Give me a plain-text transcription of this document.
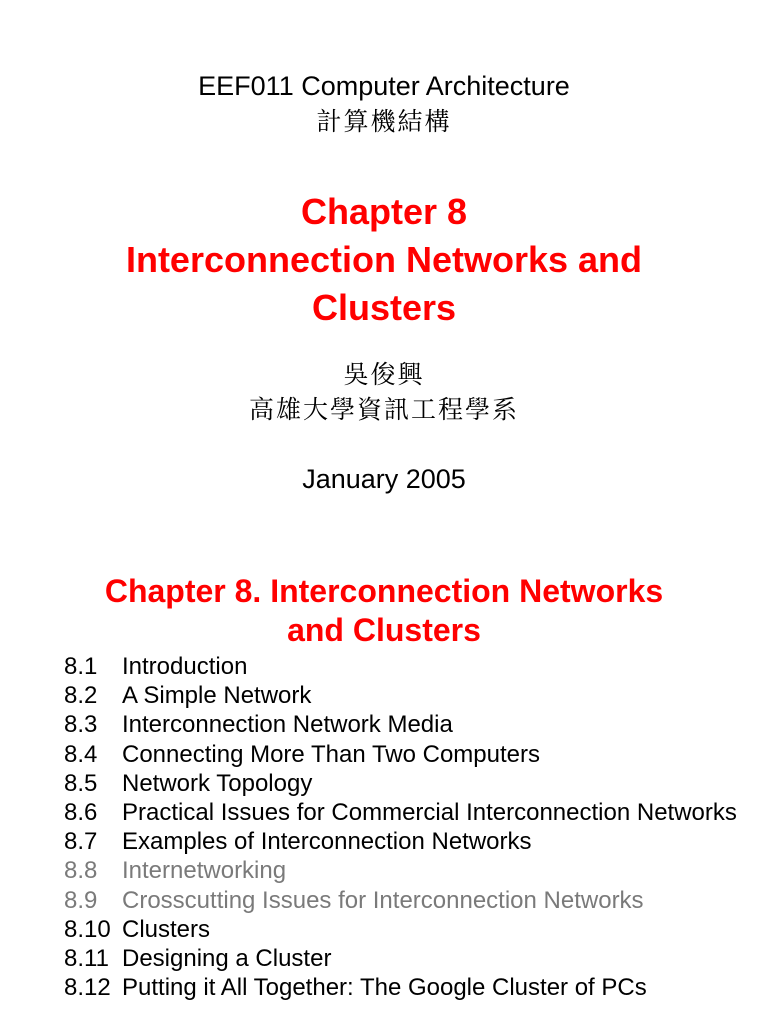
EEF011 Computer Architecture
計算機結構
Chapter 8
Interconnection Networks and
Clusters
吳俊興
高雄大學資訊工程學系
January 2005
Chapter 8. Interconnection Networks
and Clusters
8.1	Introduction
8.2	A Simple Network
8.3	Interconnection Network Media
8.4	Connecting More Than Two Computers
8.5	Network Topology
8.6	Practical Issues for Commercial Interconnection Networks
8.7	Examples of Interconnection Networks
8.8	Internetworking
8.9	Crosscutting Issues for Interconnection Networks
8.10 Clusters
8.11 Designing a Cluster
8.12 Putting it All Together: The Google Cluster of PCs
